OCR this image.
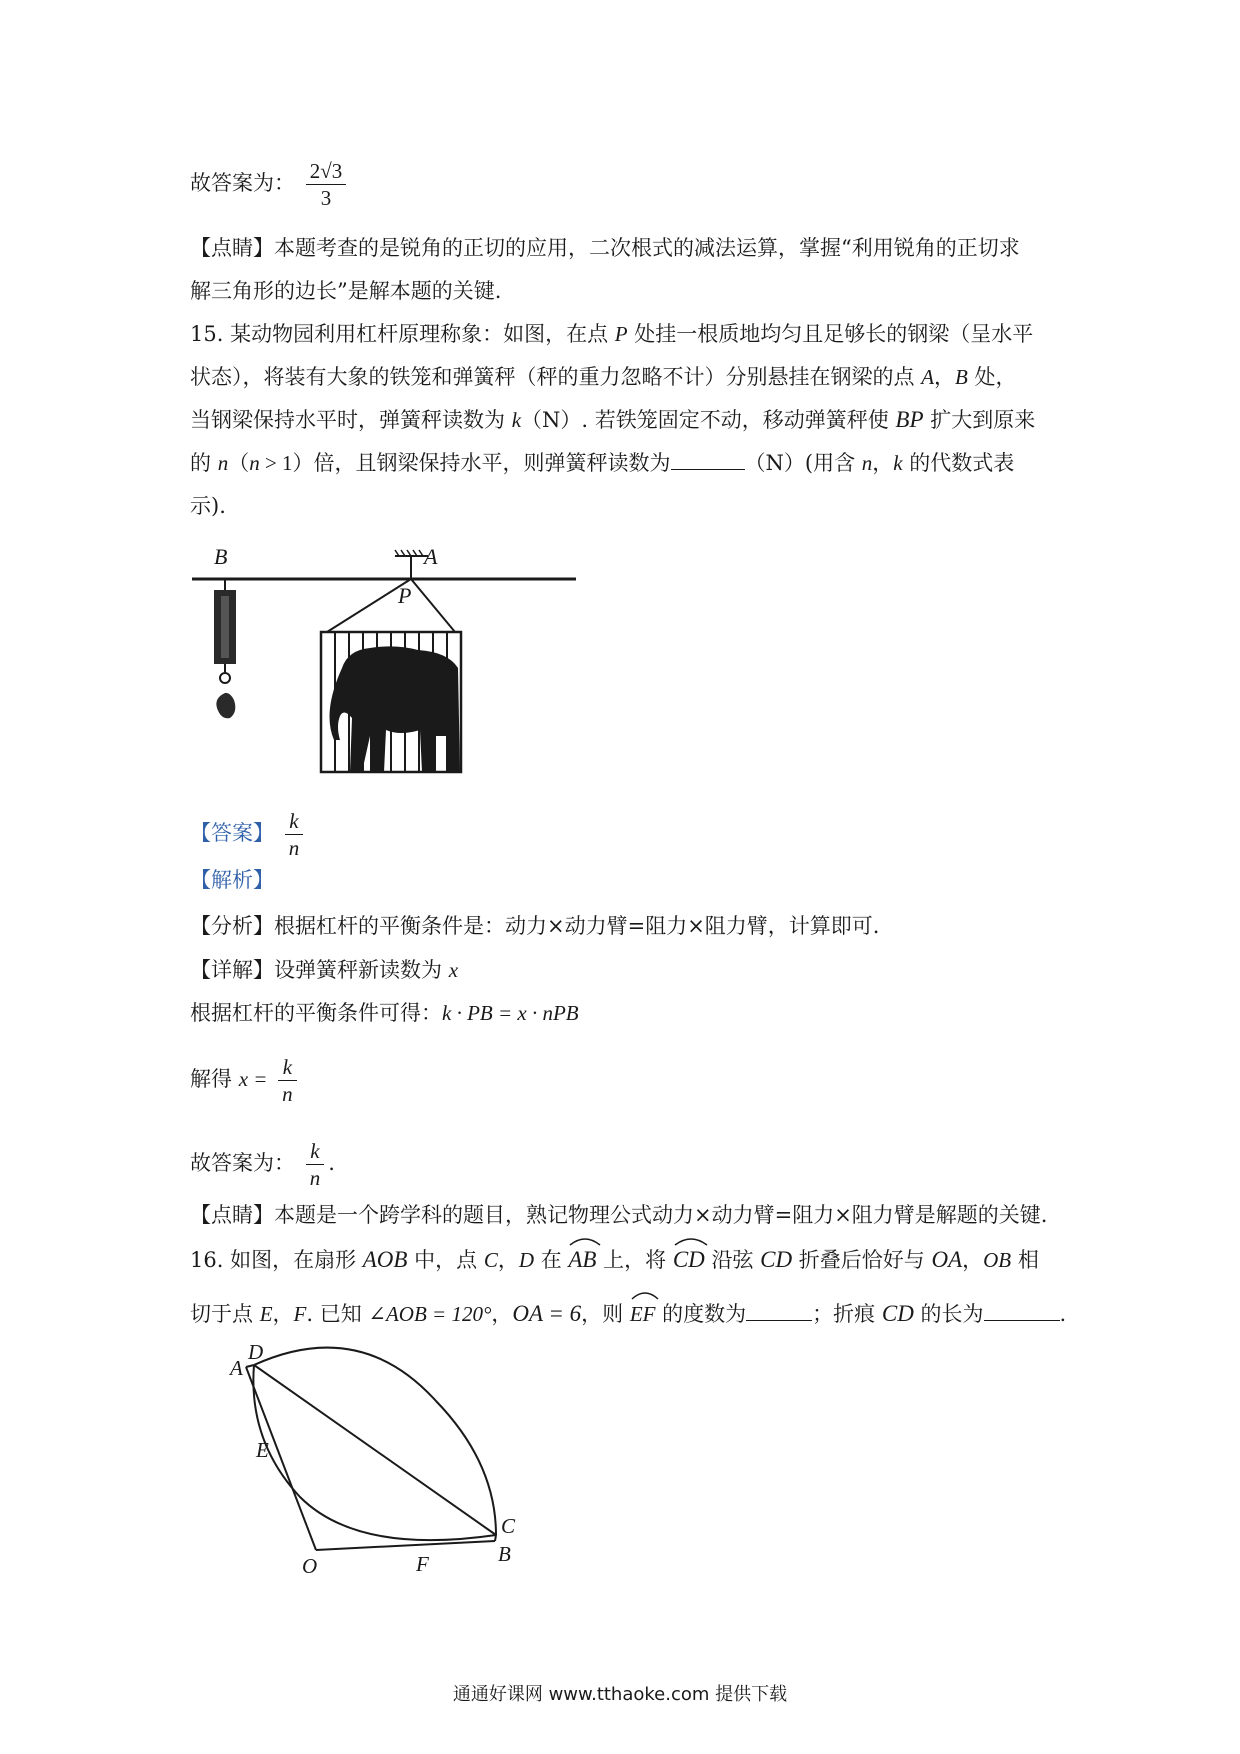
故答案为： $\frac{2√3}{3}$
【点睛】本题考查的是锐角的正切的应用，二次根式的减法运算，掌握“利用锐角的正切求
解三角形的边长”是解本题的关键.
15. 某动物园利用杠杆原理称象：如图，在点 P 处挂一根质地均匀且足够长的钢梁（呈水平
状态），将装有大象的铁笼和弹簧秤（秤的重力忽略不计）分别悬挂在钢梁的点 A，B 处，
当钢梁保持水平时，弹簧秤读数为 k（N）. 若铁笼固定不动，移动弹簧秤使 BP 扩大到原来
的 n（n > 1）倍，且钢梁保持水平，则弹簧秤读数为	（N）(用含 n，k 的代数式表
示).
B	A
P
【答案】 $\frac{k}{n}$
【解析】
【分析】根据杠杆的平衡条件是：动力×动力臂=阻力×阻力臂，计算即可.
【详解】设弹簧秤新读数为 x
根据杠杆的平衡条件可得：k · PB = x · nPB
解得 $x = \frac{k}{n}$
故答案为： $\frac{k}{n}$ .
【点睛】本题是一个跨学科的题目，熟记物理公式动力×动力臂=阻力×阻力臂是解题的关键.
16. 如图，在扇形 AOB 中，点 C，D 在
AB 上，将
CD 沿弦 CD 折叠后恰好与 OA，OB 相
切于点 E，F. 已知 ∠AOB = 120°，OA = 6，则
EF 的度数为	；折痕 CD 的长为	.
D
A
E
C
O	F	B
通通好课网 www.tthaoke.com 提供下载
